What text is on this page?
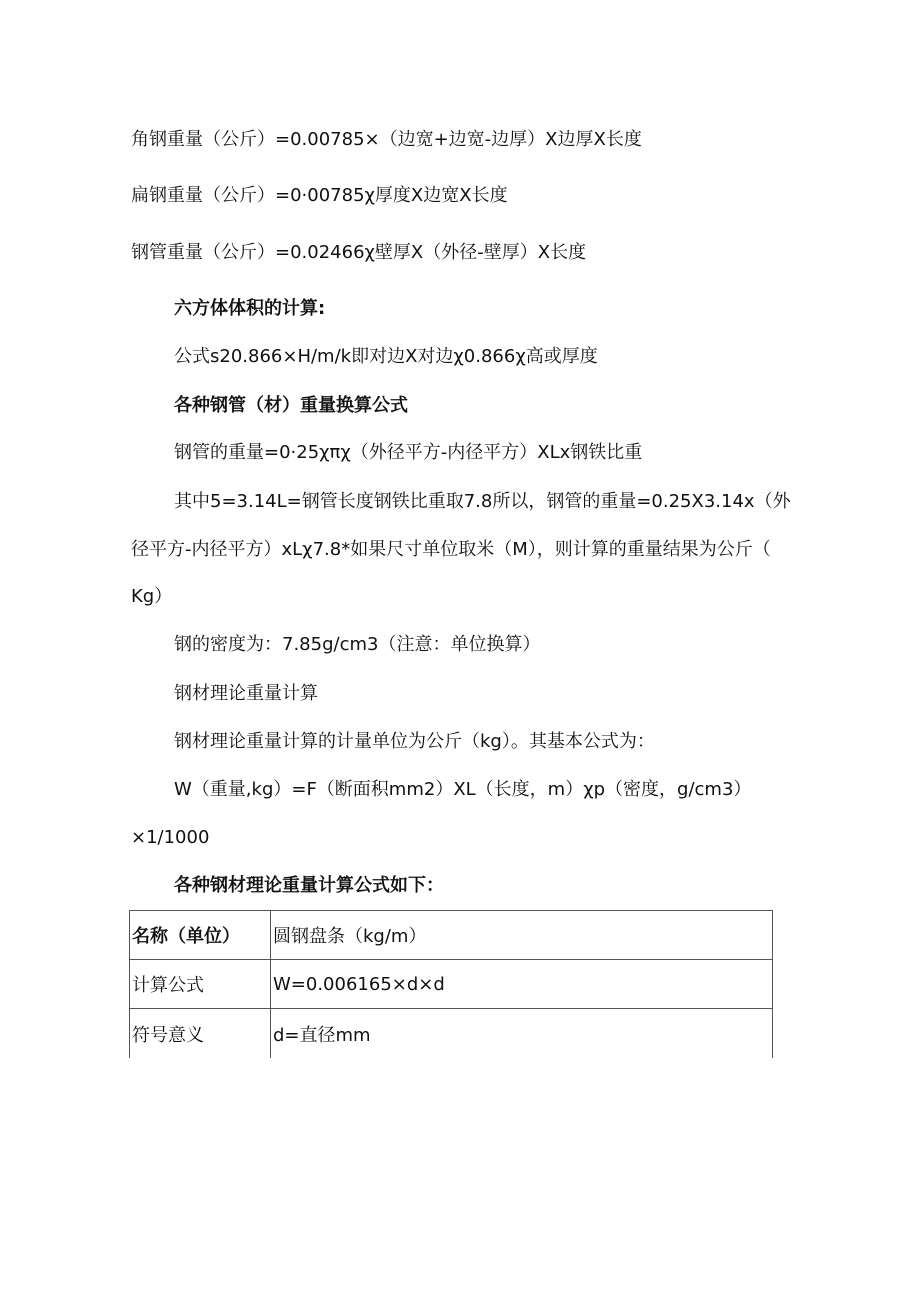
角钢重量（公斤）=0.00785×（边宽+边宽-边厚）X边厚X长度
扁钢重量（公斤）=0·00785χ厚度X边宽X长度
钢管重量（公斤）=0.02466χ壁厚X（外径-壁厚）X长度
六方体体积的计算:
公式s20.866×H∕m∕k即对边X对边χ0.866χ高或厚度
各种钢管（材）重量换算公式
钢管的重量=0·25χπχ（外径平方-内径平方）XLx钢铁比重
其中5=3.14L=钢管长度钢铁比重取7.8所以，钢管的重量=0.25X3.14x（外
径平方-内径平方）xLχ7.8*如果尺寸单位取米（M），则计算的重量结果为公斤（
Kg）
钢的密度为：7.85g∕cm3（注意：单位换算）
钢材理论重量计算
钢材理论重量计算的计量单位为公斤（kg）。其基本公式为：
W（重量,kg）=F（断面积mm2）XL（长度，m）χp（密度，g/cm3）
×1/1000
各种钢材理论重量计算公式如下：
名称（单位）	圆钢盘条（kg/m）
计算公式	W=0.006165×d×d
符号意义	d=直径mm
